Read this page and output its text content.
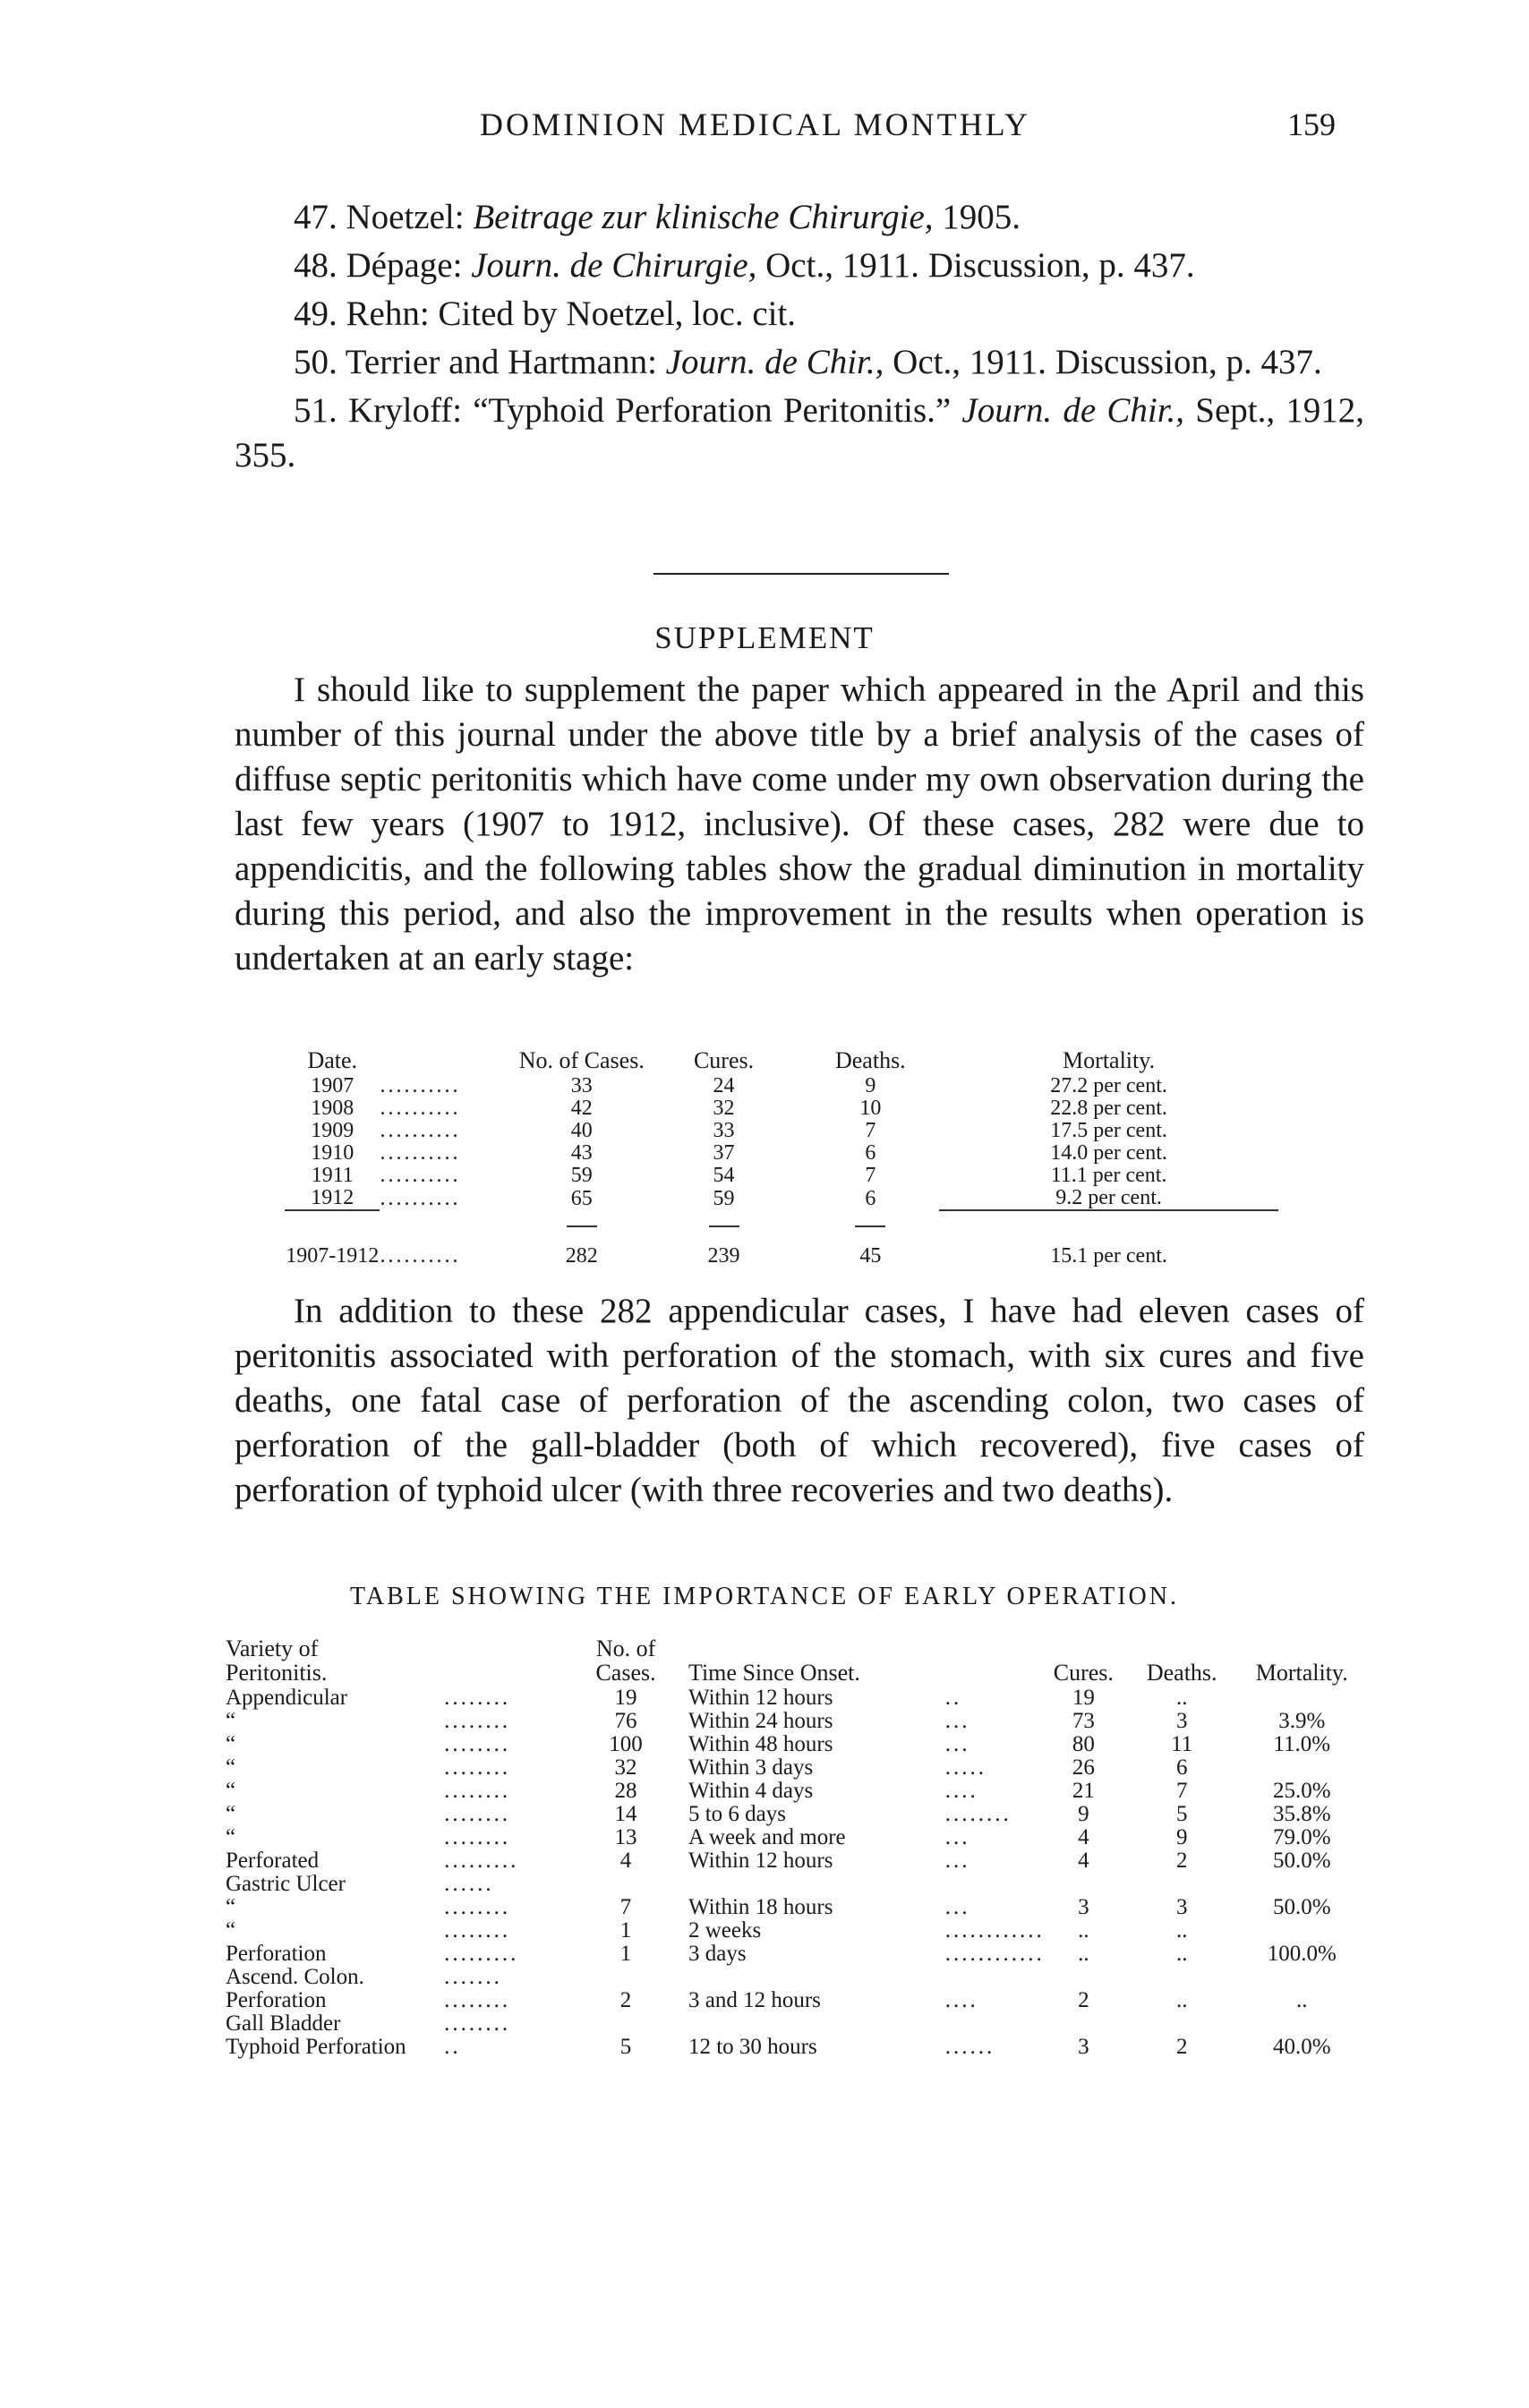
DOMINION MEDICAL MONTHLY	159

47. Noetzel: Beitrage zur klinische Chirurgie, 1905.

48. Dépage: Journ. de Chirurgie, Oct., 1911. Discussion, p. 437.

49. Rehn: Cited by Noetzel, loc. cit.

50. Terrier and Hartmann: Journ. de Chir., Oct., 1911. Discussion, p. 437.

51. Kryloff: “Typhoid Perforation Peritonitis.” Journ. de Chir., Sept., 1912, 355.

SUPPLEMENT

I should like to supplement the paper which appeared in the April and this number of this journal under the above title by a brief analysis of the cases of diffuse septic peritonitis which have come under my own observation during the last few years (1907 to 1912, inclusive). Of these cases, 282 were due to appendicitis, and the following tables show the gradual diminution in mortality during this period, and also the improvement in the results when operation is undertaken at an early stage:

Date.		No. of Cases.	Cures.	Deaths.	Mortality.
1907	..........	33	24	9	27.2 per cent.
1908	..........	42	32	10	22.8 per cent.
1909	..........	40	33	7	17.5 per cent.
1910	..........	43	37	6	14.0 per cent.
1911	..........	59	54	7	11.1 per cent.
1912	..........	65	59	6	9.2 per cent.

1907-1912	..........	282	239	45	15.1 per cent.

In addition to these 282 appendicular cases, I have had eleven cases of peritonitis associated with perforation of the stomach, with six cures and five deaths, one fatal case of perforation of the ascending colon, two cases of perforation of the gall-bladder (both of which recovered), five cases of perforation of typhoid ulcer (with three recoveries and two deaths).

TABLE SHOWING THE IMPORTANCE OF EARLY OPERATION.
Variety of
Peritonitis.		No. of
Cases.	Time Since Onset.		Cures.	Deaths.	Mortality.
Appendicular	........	19	Within 12 hours	..	19	..	
“	........	76	Within 24 hours	...	73	3	3.9%
“	........	100	Within 48 hours	...	80	11	11.0%
“	........	32	Within 3 days	.....	26	6	
“	........	28	Within 4 days	....	21	7	25.0%
“	........	14	5 to 6 days	........	9	5	35.8%
“	........	13	A week and more	...	4	9	79.0%
Perforated	.........	4	Within 12 hours	...	4	2	50.0%
Gastric Ulcer	......						
“	........	7	Within 18 hours	...	3	3	50.0%
“	........	1	2 weeks	............	..	..	
Perforation	.........	1	3 days	............	..	..	100.0%
Ascend. Colon.	.......						
Perforation	........	2	3 and 12 hours	....	2	..	..
Gall Bladder	........						
Typhoid Perforation	..	5	12 to 30 hours	......	3	2	40.0%
